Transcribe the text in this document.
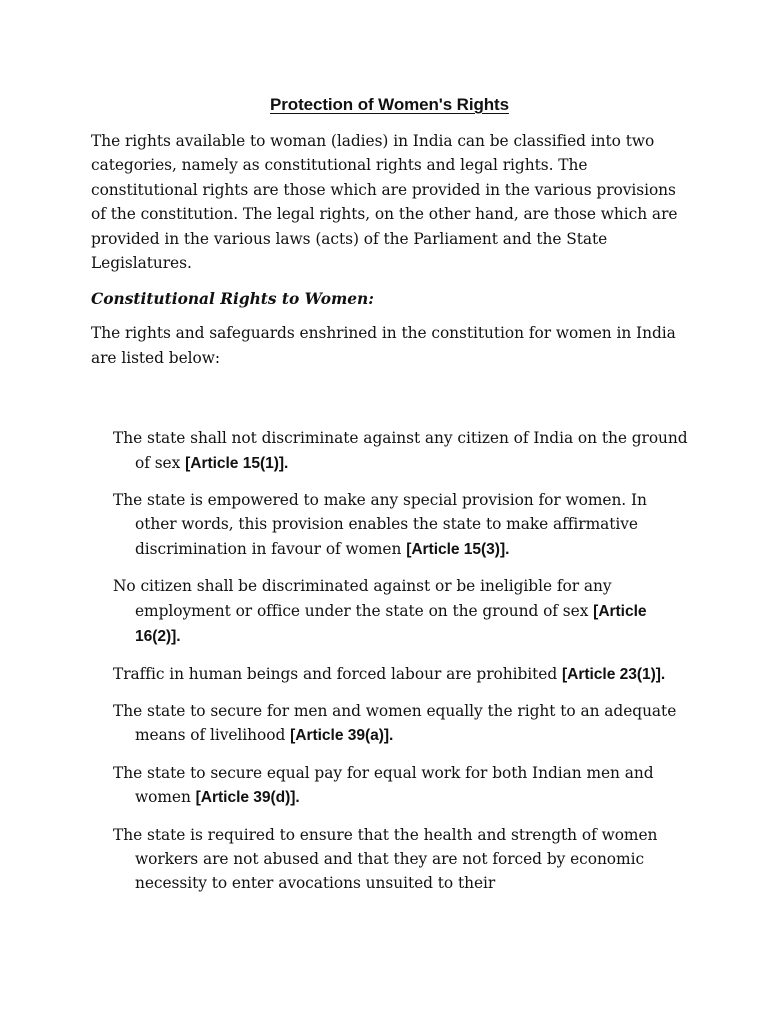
Protection of Women's Rights

The rights available to woman (ladies) in India can be classified into two categories, namely as constitutional rights and legal rights. The constitutional rights are those which are provided in the various provisions of the constitution. The legal rights, on the other hand, are those which are provided in the various laws (acts) of the Parliament and the State Legislatures.

Constitutional Rights to Women:

The rights and safeguards enshrined in the constitution for women in India are listed below:

The state shall not discriminate against any citizen of India on the ground of sex [Article 15(1)].
The state is empowered to make any special provision for women. In other words, this provision enables the state to make affirmative discrimination in favour of women [Article 15(3)].
No citizen shall be discriminated against or be ineligible for any employment or office under the state on the ground of sex [Article 16(2)].
Traffic in human beings and forced labour are prohibited [Article 23(1)].
The state to secure for men and women equally the right to an adequate means of livelihood [Article 39(a)].
The state to secure equal pay for equal work for both Indian men and women [Article 39(d)].
The state is required to ensure that the health and strength of women workers are not abused and that they are not forced by economic necessity to enter avocations unsuited to their
